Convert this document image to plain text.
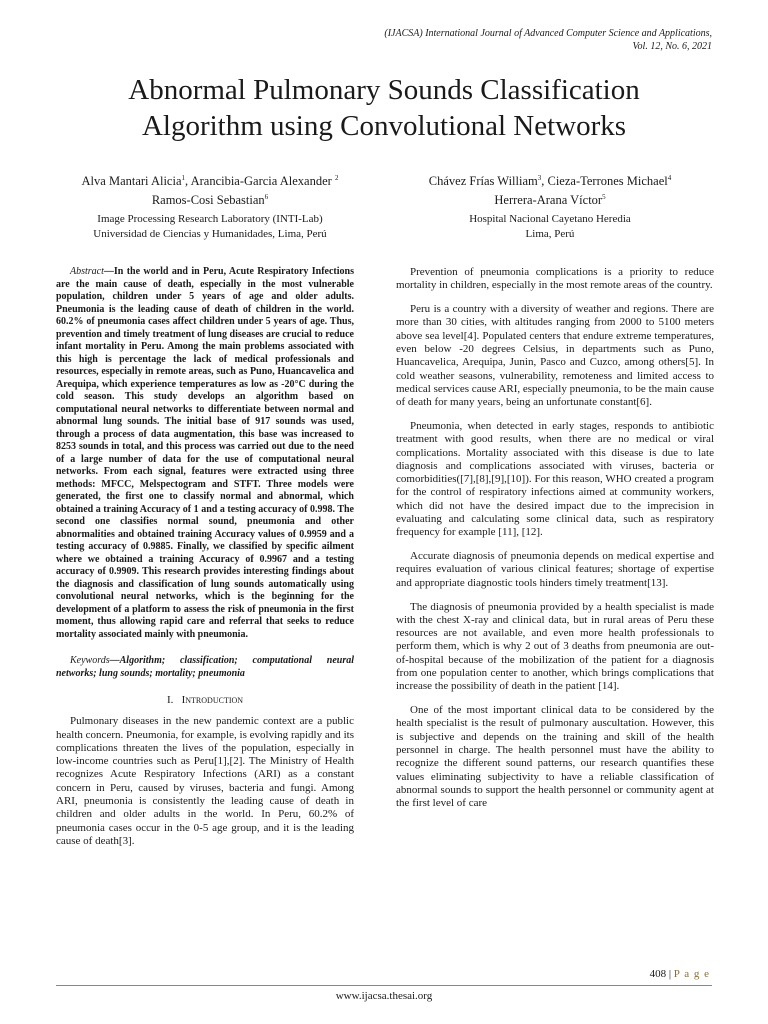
(IJACSA) International Journal of Advanced Computer Science and Applications,
Vol. 12, No. 6, 2021
Abnormal Pulmonary Sounds Classification
Algorithm using Convolutional Networks
Alva Mantari Alicia$^1$, Arancibia-Garcia Alexander $^2$
Ramos-Cosi Sebastian$^6$
Image Processing Research Laboratory (INTI-Lab)
Universidad de Ciencias y Humanidades, Lima, Perú
Chávez Frías William$^3$, Cieza-Terrones Michael$^4$
Herrera-Arana Víctor$^5$
Hospital Nacional Cayetano Heredia
Lima, Perú

Abstract—In the world and in Peru, Acute Respiratory Infections are the main cause of death, especially in the most vulnerable population, children under 5 years of age and older adults. Pneumonia is the leading cause of death of children in the world. 60.2% of pneumonia cases affect children under 5 years of age. Thus, prevention and timely treatment of lung diseases are crucial to reduce infant mortality in Peru. Among the main problems associated with this high is percentage the lack of medical professionals and resources, especially in remote areas, such as Puno, Huancavelica and Arequipa, which experience temperatures as low as -20°C during the cold season. This study develops an algorithm based on computational neural networks to differentiate between normal and abnormal lung sounds. The initial base of 917 sounds was used, through a process of data augmentation, this base was increased to 8253 sounds in total, and this process was carried out due to the need of a large number of data for the use of computational neural networks. From each signal, features were extracted using three methods: MFCC, Melspectogram and STFT. Three models were generated, the first one to classify normal and abnormal, which obtained a training Accuracy of 1 and a testing accuracy of 0.998. The second one classifies normal sound, pneumonia and other abnormalities and obtained training Accuracy values of 0.9959 and a testing accuracy of 0.9885. Finally, we classified by specific ailment where we obtained a training Accuracy of 0.9967 and a testing accuracy of 0.9909. This research provides interesting findings about the diagnosis and classification of lung sounds automatically using convolutional neural networks, which is the beginning for the development of a platform to assess the risk of pneumonia in the first moment, thus allowing rapid care and referral that seeks to reduce mortality associated mainly with pneumonia.

Keywords—Algorithm; classification; computational neural networks; lung sounds; mortality; pneumonia

I. Introduction

Pulmonary diseases in the new pandemic context are a public health concern. Pneumonia, for example, is evolving rapidly and its complications threaten the lives of the population, especially in low-income countries such as Peru[1],[2]. The Ministry of Health recognizes Acute Respiratory Infections (ARI) as a constant concern in Peru, caused by viruses, bacteria and fungi. Among ARI, pneumonia is consistently the leading cause of death in children and older adults in the world. In Peru, 60.2% of pneumonia cases occur in the 0-5 age group, and it is the leading cause of death[3].

Prevention of pneumonia complications is a priority to reduce mortality in children, especially in the most remote areas of the country.

Peru is a country with a diversity of weather and regions. There are more than 30 cities, with altitudes ranging from 2000 to 5100 meters above sea level[4]. Populated centers that endure extreme temperatures, even below -20 degrees Celsius, in departments such as Puno, Huancavelica, Arequipa, Junin, Pasco and Cuzco, among others[5]. In cold weather seasons, vulnerability, remoteness and limited access to medical services cause ARI, especially pneumonia, to be the main cause of death for many years, being an unfortunate constant[6].

Pneumonia, when detected in early stages, responds to antibiotic treatment with good results, when there are no medical or viral complications. Mortality associated with this disease is due to late diagnosis and complications associated with viruses, bacteria or comorbidities([7],[8],[9],[10]). For this reason, WHO created a program for the control of respiratory infections aimed at community workers, which did not have the desired impact due to the imprecision in evaluating and calculating some clinical data, such as respiratory frequency for example [11], [12].

Accurate diagnosis of pneumonia depends on medical expertise and requires evaluation of various clinical features; shortage of expertise and appropriate diagnostic tools hinders timely treatment[13].

The diagnosis of pneumonia provided by a health specialist is made with the chest X-ray and clinical data, but in rural areas of Peru these resources are not available, and even more health professionals to perform them, which is why 2 out of 3 deaths from pneumonia are out-of-hospital because of the mobilization of the patient for a diagnosis from one population center to another, which brings complications that increase the possibility of death in the patient [14].

One of the most important clinical data to be considered by the health specialist is the result of pulmonary auscultation. However, this is subjective and depends on the training and skill of the health personnel in charge. The health personnel must have the ability to recognize the different sound patterns, our research quantifies these values eliminating subjectivity to have a reliable classification of abnormal sounds to support the health personnel or community agent at the first level of care

408 | P a g e
www.ijacsa.thesai.org
